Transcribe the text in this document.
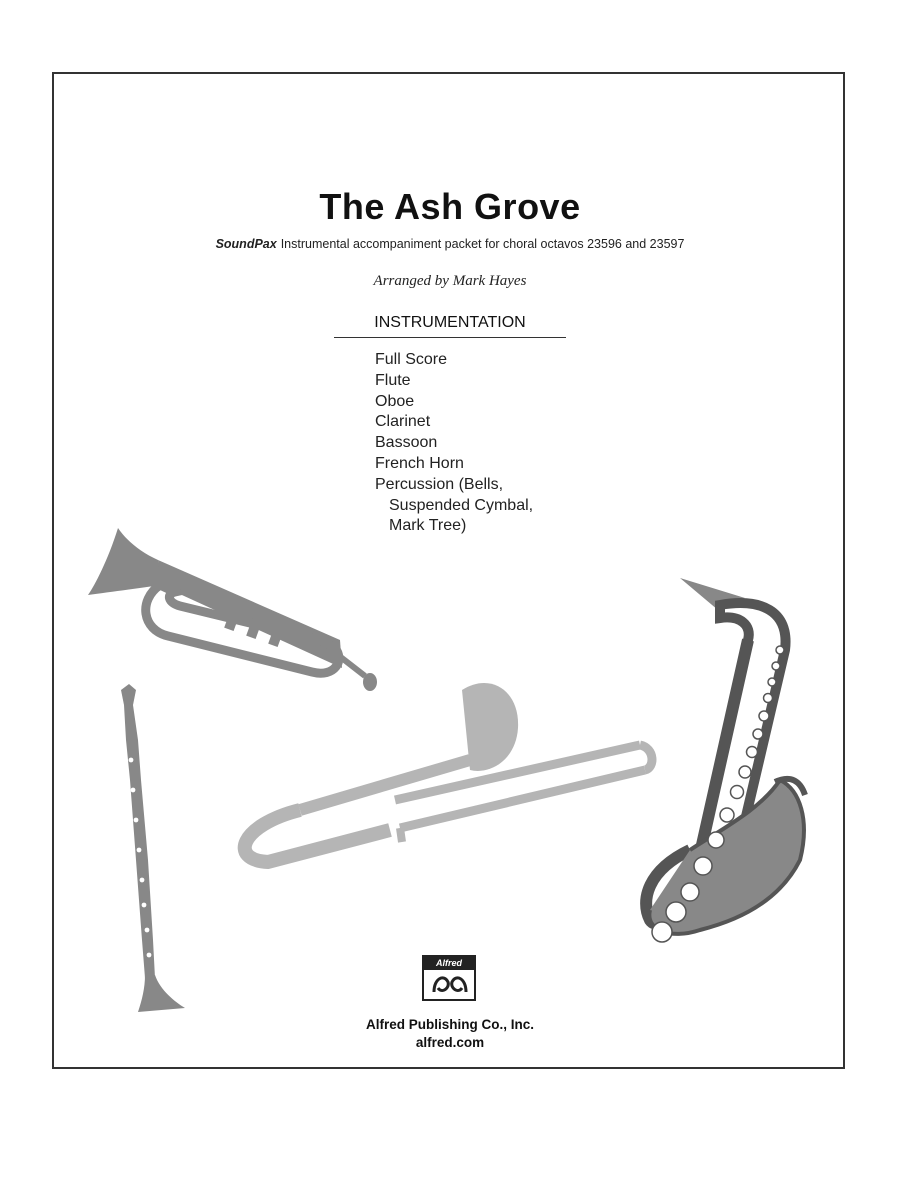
The Ash Grove
SoundPax Instrumental accompaniment packet for choral octavos 23596 and 23597
Arranged by Mark Hayes
INSTRUMENTATION
Full Score
Flute
Oboe
Clarinet
Bassoon
French Horn
Percussion (Bells,
Suspended Cymbal,
Mark Tree)
Alfred
Alfred Publishing Co., Inc.
alfred.com
